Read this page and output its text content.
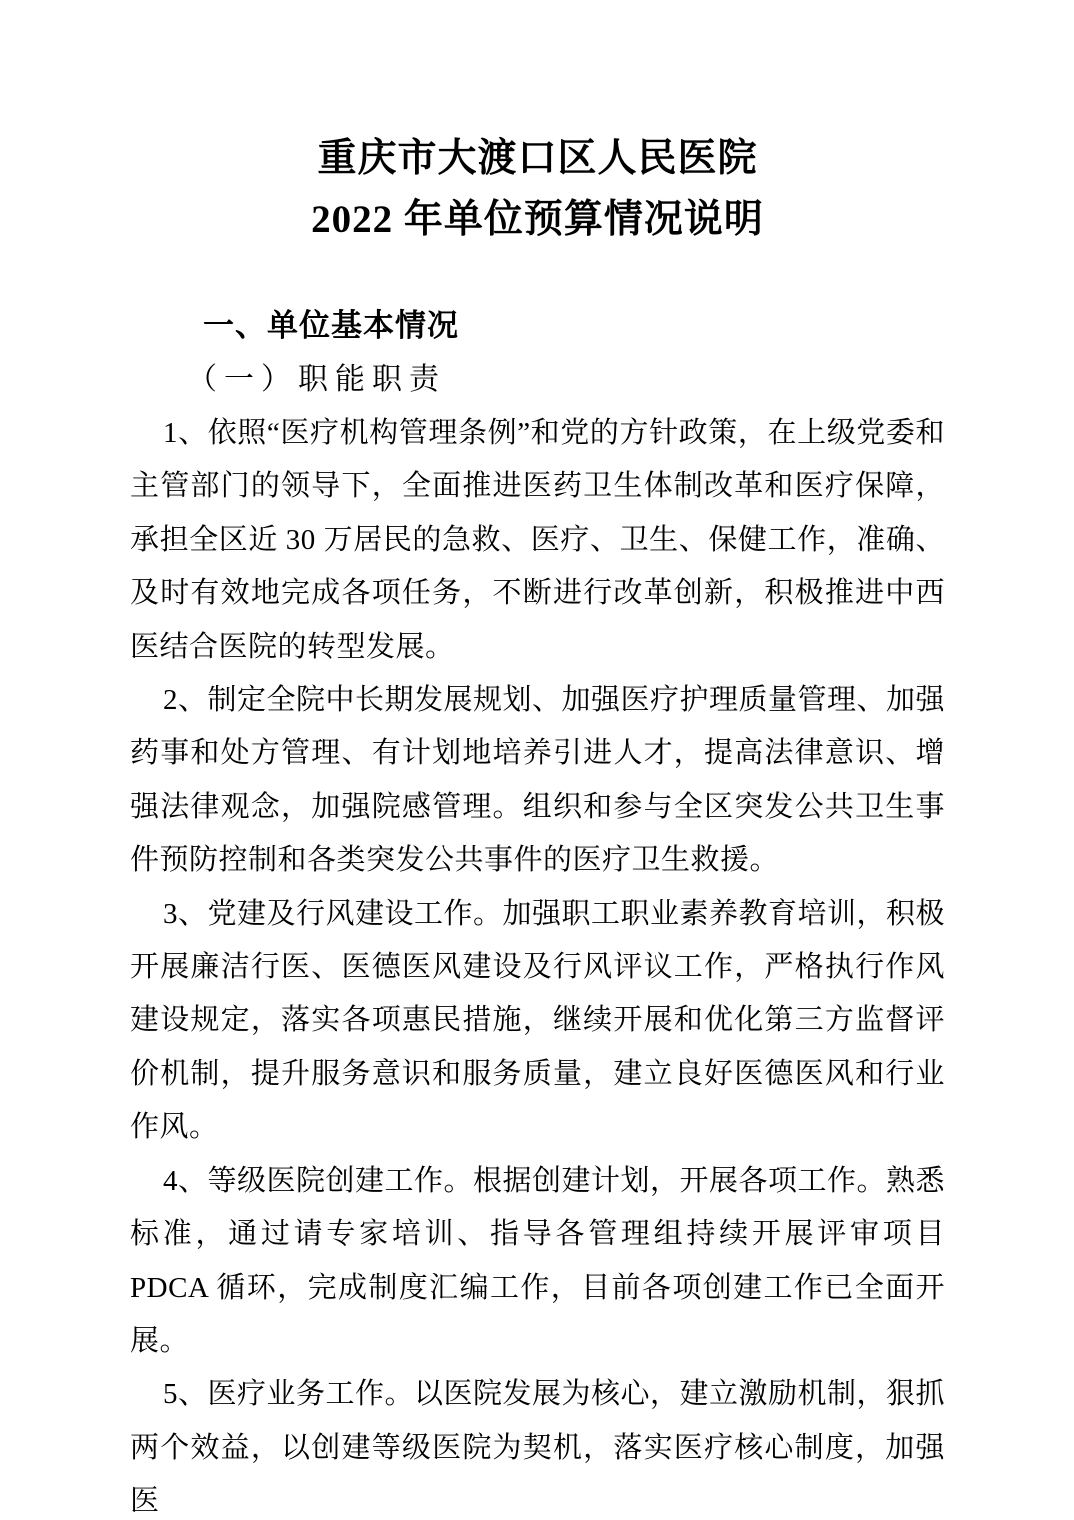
重庆市大渡口区人民医院
2022 年单位预算情况说明
一、单位基本情况
（一）职能职责

1、依照“医疗机构管理条例”和党的方针政策，在上级党委和主管部门的领导下，全面推进医药卫生体制改革和医疗保障，承担全区近 30 万居民的急救、医疗、卫生、保健工作，准确、及时有效地完成各项任务，不断进行改革创新，积极推进中西医结合医院的转型发展。

2、制定全院中长期发展规划、加强医疗护理质量管理、加强药事和处方管理、有计划地培养引进人才，提高法律意识、增强法律观念，加强院感管理。组织和参与全区突发公共卫生事件预防控制和各类突发公共事件的医疗卫生救援。

3、党建及行风建设工作。加强职工职业素养教育培训，积极开展廉洁行医、医德医风建设及行风评议工作，严格执行作风建设规定，落实各项惠民措施，继续开展和优化第三方监督评价机制，提升服务意识和服务质量，建立良好医德医风和行业作风。

4、等级医院创建工作。根据创建计划，开展各项工作。熟悉标准，通过请专家培训、指导各管理组持续开展评审项目 PDCA 循环，完成制度汇编工作，目前各项创建工作已全面开展。

5、医疗业务工作。以医院发展为核心，建立激励机制，狠抓两个效益，以创建等级医院为契机，落实医疗核心制度，加强医
